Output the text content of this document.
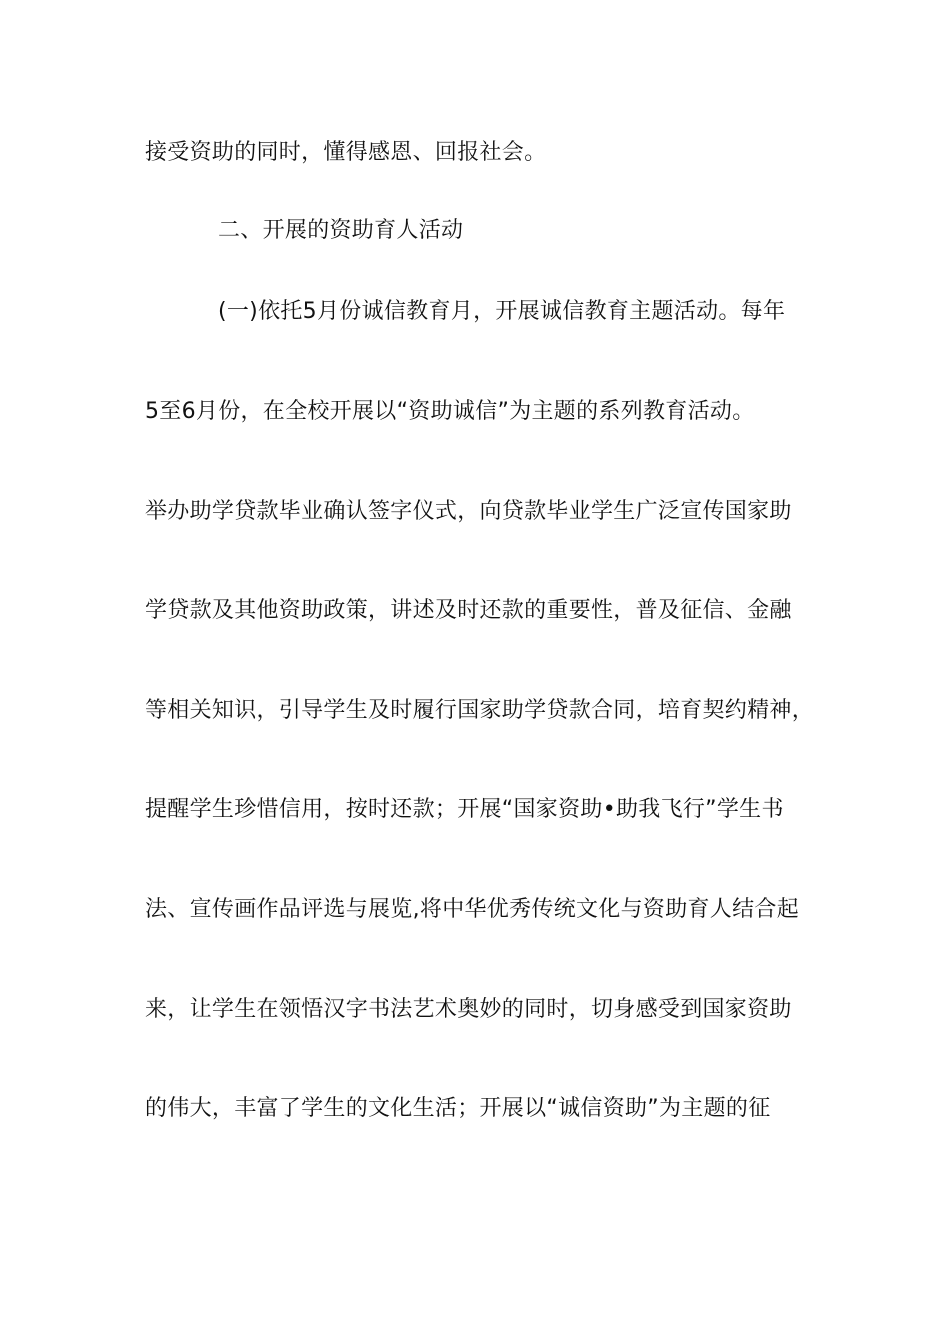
接受资助的同时，懂得感恩、回报社会。
二、开展的资助育人活动
(一)依托5月份诚信教育月，开展诚信教育主题活动。每年
5至6月份，在全校开展以“资助诚信”为主题的系列教育活动。
举办助学贷款毕业确认签字仪式，向贷款毕业学生广泛宣传国家助
学贷款及其他资助政策，讲述及时还款的重要性，普及征信、金融
等相关知识，引导学生及时履行国家助学贷款合同，培育契约精神，
提醒学生珍惜信用，按时还款；开展“国家资助•助我飞行”学生书
法、宣传画作品评选与展览,将中华优秀传统文化与资助育人结合起
来，让学生在领悟汉字书法艺术奥妙的同时，切身感受到国家资助
的伟大，丰富了学生的文化生活；开展以“诚信资助”为主题的征
